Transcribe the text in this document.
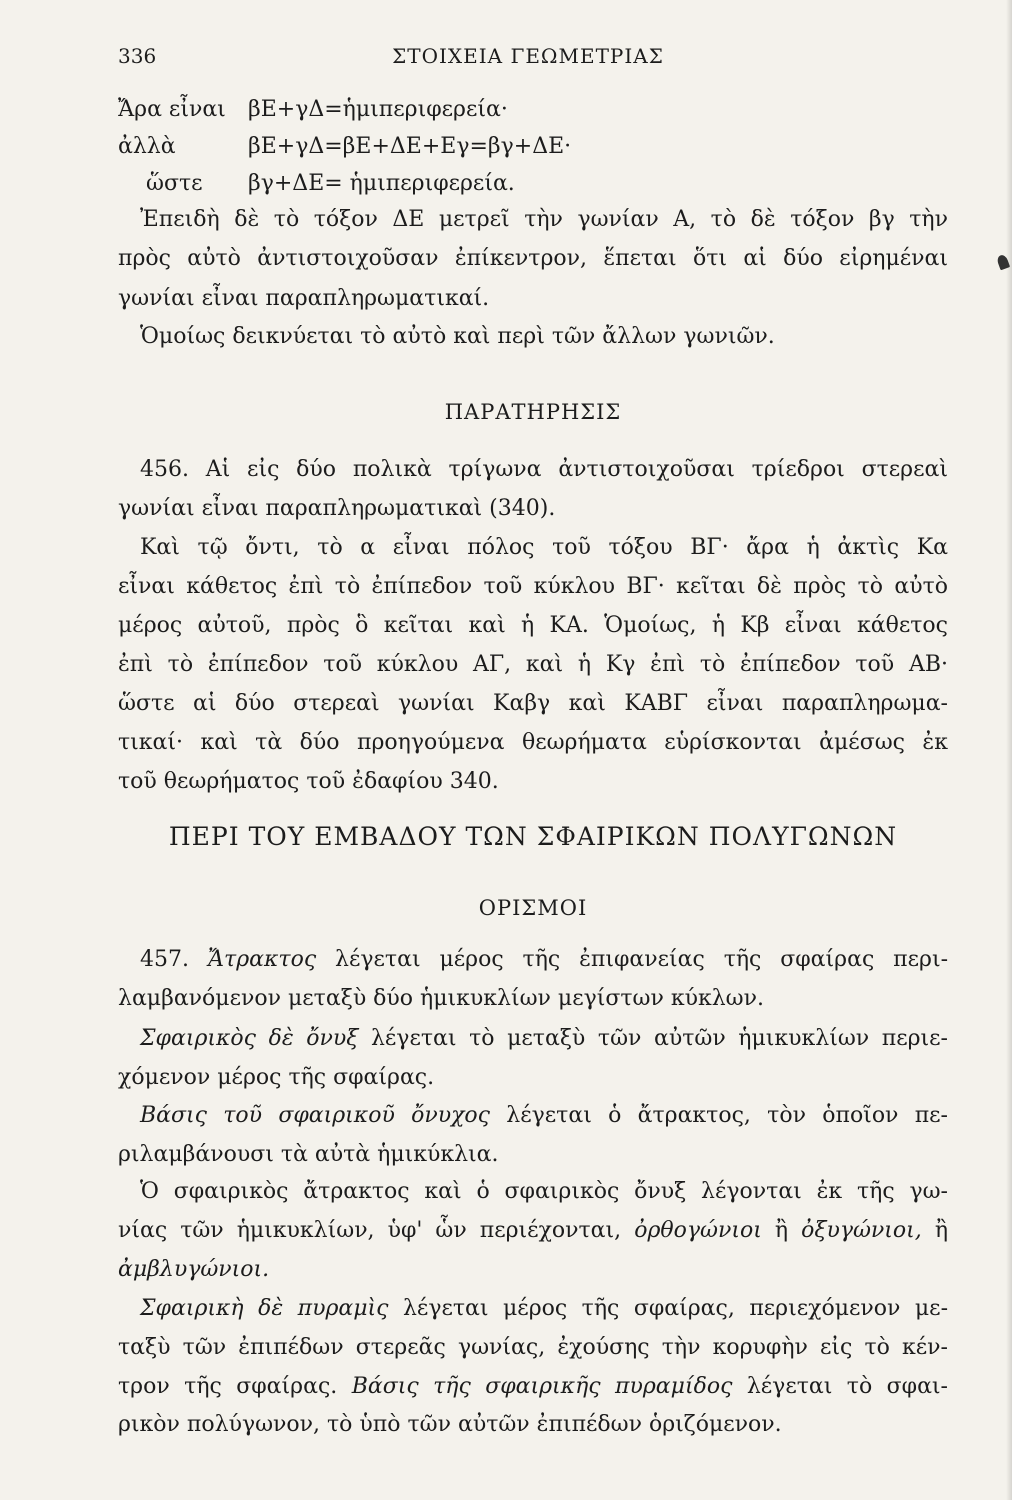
336	ΣΤΟΙΧΕΙΑ ΓΕΩΜΕΤΡΙΑΣ
Ἄρα εἶναι βΕ+γΔ=ἡμιπεριφερεία·
ἀλλὰ	βΕ+γΔ=βΕ+ΔΕ+Εγ=βγ+ΔΕ·
ὥστε βγ+ΔΕ= ἡμιπεριφερεία.
Ἐπειδὴ δὲ τὸ τόξον ΔΕ μετρεῖ τὴν γωνίαν Α, τὸ δὲ τόξον βγ τὴν
πρὸς αὐτὸ ἀντιστοιχοῦσαν ἐπίκεντρον, ἕπεται ὅτι αἱ δύο εἰρημέναι
γωνίαι εἶναι παραπληρωματικαί.
Ὁμοίως δεικνύεται τὸ αὐτὸ καὶ περὶ τῶν ἄλλων γωνιῶν.
ΠΑΡΑΤΗΡΗΣΙΣ
456. Αἱ εἰς δύο πολικὰ τρίγωνα ἀντιστοιχοῦσαι τρίεδροι στερεαὶ
γωνίαι εἶναι παραπληρωματικαὶ (340).
Καὶ τῷ ὄντι, τὸ α εἶναι πόλος τοῦ τόξου ΒΓ· ἄρα ἡ ἀκτὶς Κα
εἶναι κάθετος ἐπὶ τὸ ἐπίπεδον τοῦ κύκλου ΒΓ· κεῖται δὲ πρὸς τὸ αὐτὸ
μέρος αὐτοῦ, πρὸς ὃ κεῖται καὶ ἡ ΚΑ. Ὁμοίως, ἡ Κβ εἶναι κάθετος
ἐπὶ τὸ ἐπίπεδον τοῦ κύκλου ΑΓ, καὶ ἡ Κγ ἐπὶ τὸ ἐπίπεδον τοῦ ΑΒ·
ὥστε αἱ δύο στερεαὶ γωνίαι Καβγ καὶ ΚΑΒΓ εἶναι παραπληρωμα-
τικαί· καὶ τὰ δύο προηγούμενα θεωρήματα εὑρίσκονται ἀμέσως ἐκ
τοῦ θεωρήματος τοῦ ἐδαφίου 340.
ΠΕΡΙ ΤΟΥ ΕΜΒΑΔΟΥ ΤΩΝ ΣΦΑΙΡΙΚΩΝ ΠΟΛΥΓΩΝΩΝ
ΟΡΙΣΜΟΙ
457. Ἄτρακτος λέγεται μέρος τῆς ἐπιφανείας τῆς σφαίρας περι-
λαμβανόμενον μεταξὺ δύο ἡμικυκλίων μεγίστων κύκλων.
Σφαιρικὸς δὲ ὄνυξ λέγεται τὸ μεταξὺ τῶν αὐτῶν ἡμικυκλίων περιε-
χόμενον μέρος τῆς σφαίρας.
Βάσις τοῦ σφαιρικοῦ ὄνυχος λέγεται ὁ ἄτρακτος, τὸν ὁποῖον πε-
ριλαμβάνουσι τὰ αὐτὰ ἡμικύκλια.
Ὁ σφαιρικὸς ἄτρακτος καὶ ὁ σφαιρικὸς ὄνυξ λέγονται ἐκ τῆς γω-
νίας τῶν ἡμικυκλίων, ὑφ' ὧν περιέχονται, ὀρθογώνιοι ἢ ὀξυγώνιοι, ἢ
ἀμβλυγώνιοι.
Σφαιρικὴ δὲ πυραμὶς λέγεται μέρος τῆς σφαίρας, περιεχόμενον με-
ταξὺ τῶν ἐπιπέδων στερεᾶς γωνίας, ἐχούσης τὴν κορυφὴν εἰς τὸ κέν-
τρον τῆς σφαίρας. Βάσις τῆς σφαιρικῆς πυραμίδος λέγεται τὸ σφαι-
ρικὸν πολύγωνον, τὸ ὑπὸ τῶν αὐτῶν ἐπιπέδων ὁριζόμενον.
